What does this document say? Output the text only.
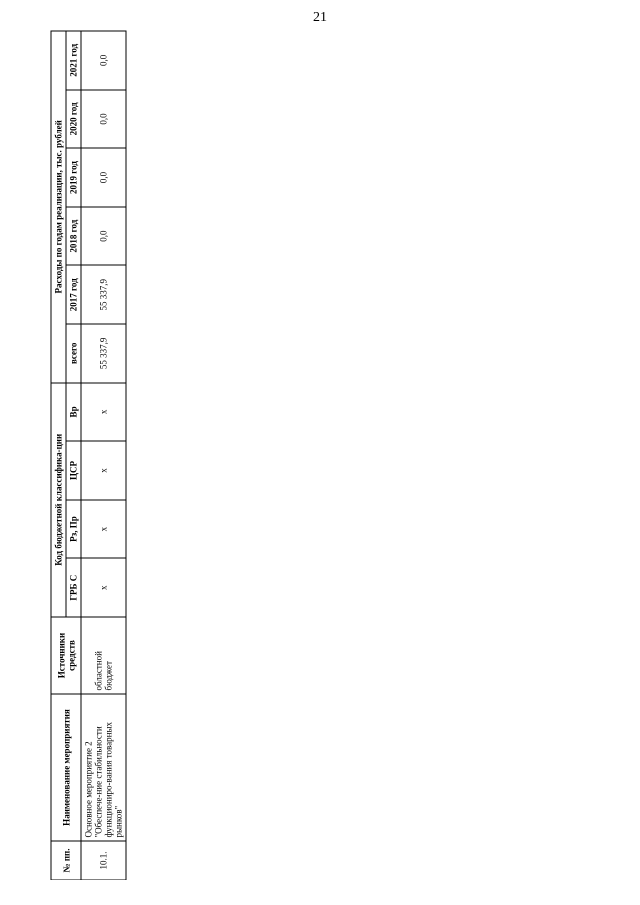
21
№ пп.	Наименование мероприятия	Источники средств	Код бюджетной классифика-ции				Расходы по годам реализации, тыс. рублей					
			ГРБ С	Рз, Пр	ЦСР	Вр	всего	2017 год	2018 год	2019 год	2020 год	2021 год
10.1.	Основное мероприятие 2 "Обеспече-ние стабильности функциониро-вания товарных рынков"	областной бюджет	x	x	x	x	55 337,9	55 337,9	0,0	0,0	0,0	0,0
